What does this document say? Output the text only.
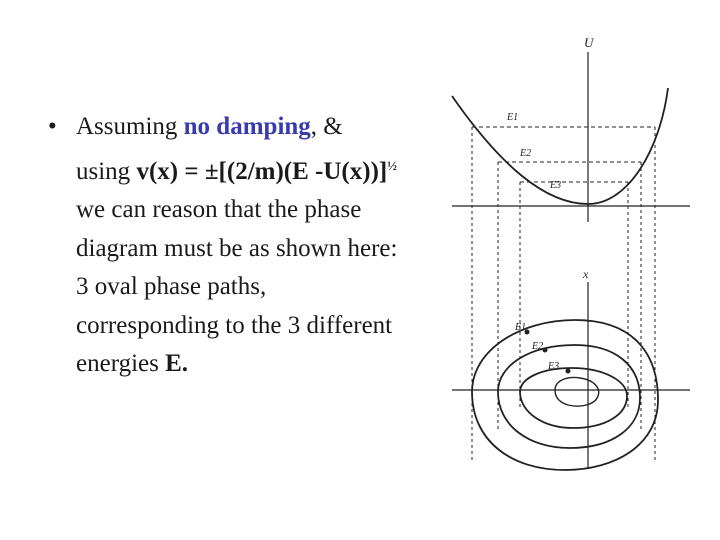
• Assuming no damping, &
using v(x) = ±[(2/m)(E -U(x))]$^{\frac{1}{2}}$
we can reason that the phase
diagram must be as shown here:
3 oval phase paths,
corresponding to the 3 different
energies E.
U
E1
E2
E3
x
E1
E2
E3
